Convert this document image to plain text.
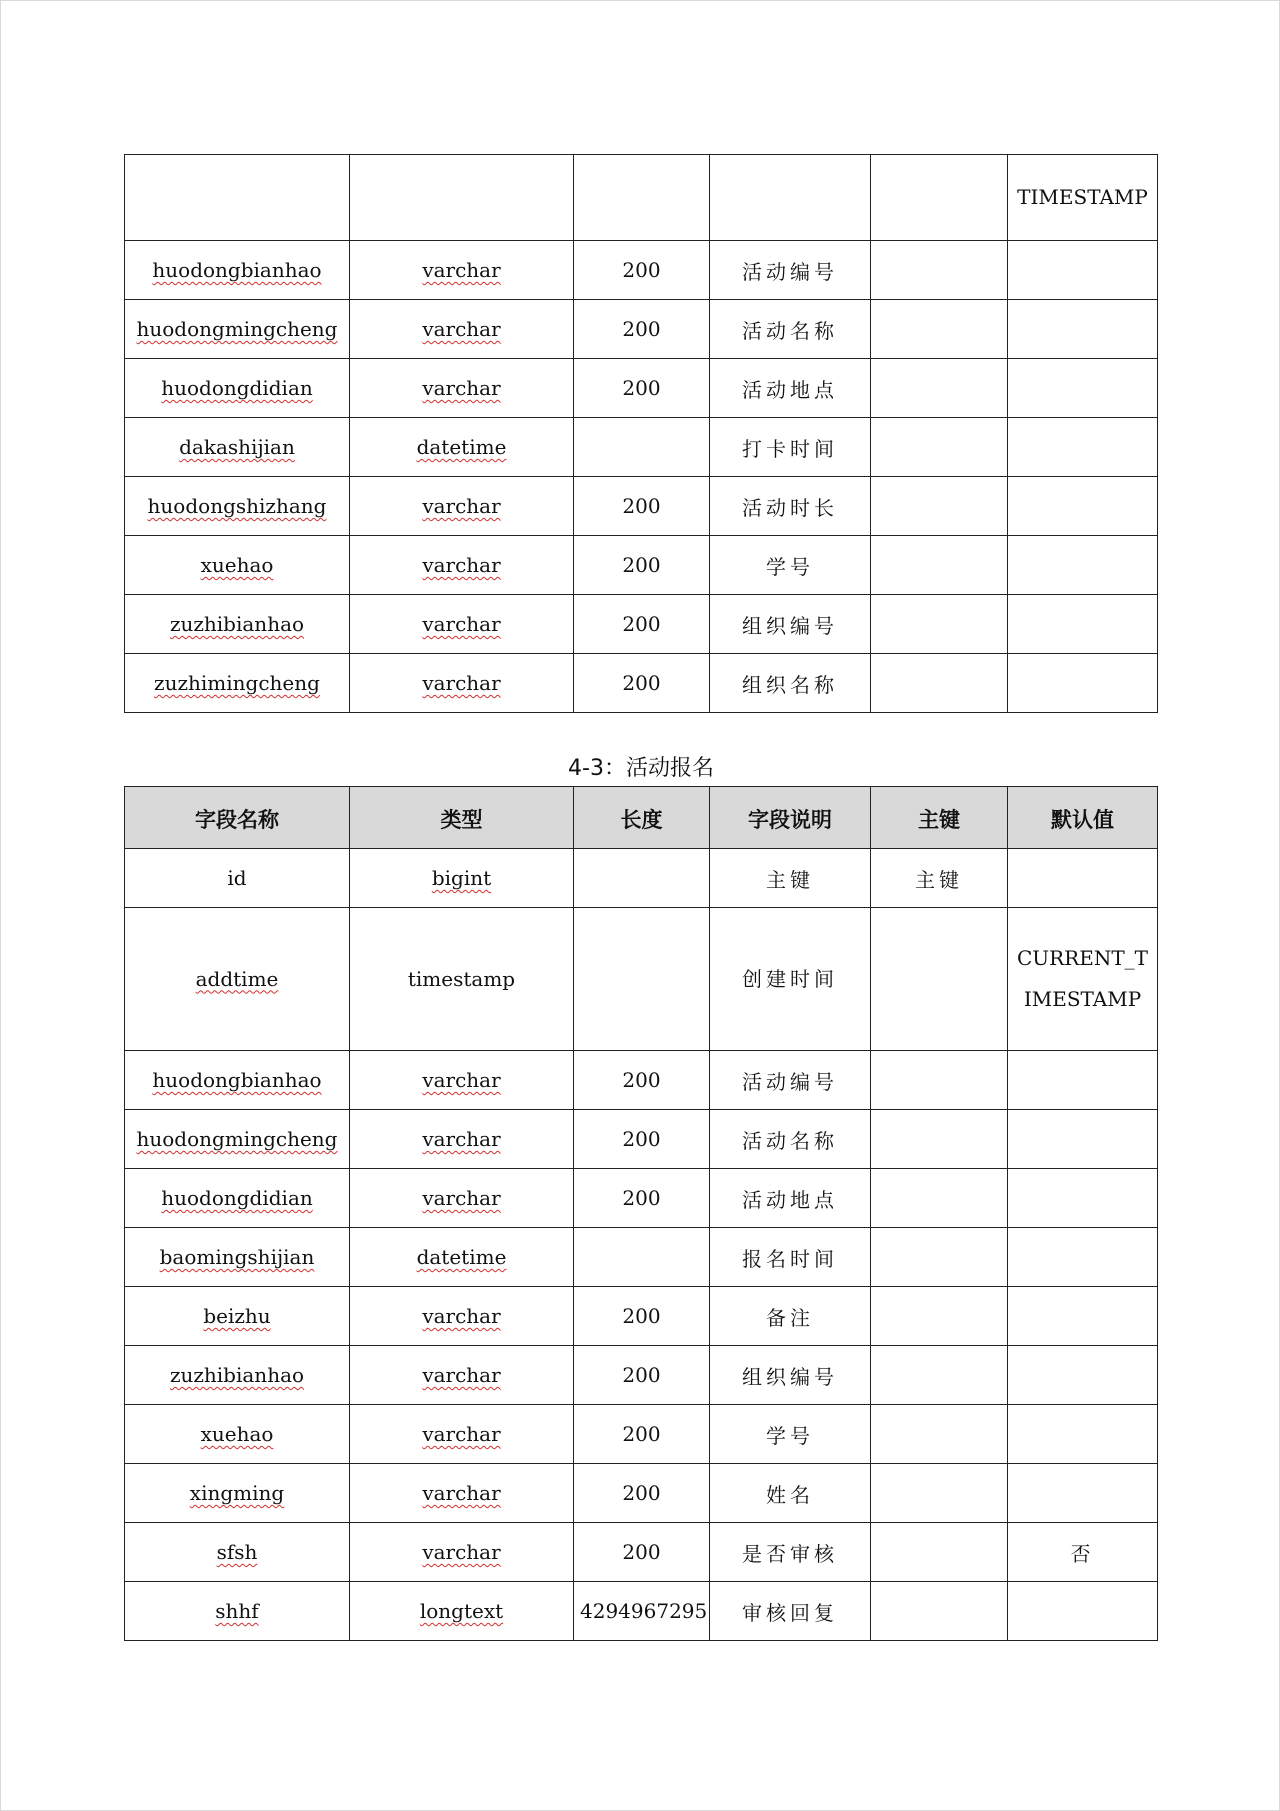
					TIMESTAMP
huodongbianhao	varchar	200	活动编号		
huodongmingcheng	varchar	200	活动名称		
huodongdidian	varchar	200	活动地点		
dakashijian	datetime		打卡时间		
huodongshizhang	varchar	200	活动时长		
xuehao	varchar	200	学号		
zuzhibianhao	varchar	200	组织编号		
zuzhimingcheng	varchar	200	组织名称		
4-3：活动报名
字段名称	类型	长度	字段说明	主键	默认值
id	bigint		主键	主键	
addtime	timestamp		创建时间		CURRENT_TIMESTAMP
huodongbianhao	varchar	200	活动编号		
huodongmingcheng	varchar	200	活动名称		
huodongdidian	varchar	200	活动地点		
baomingshijian	datetime		报名时间		
beizhu	varchar	200	备注		
zuzhibianhao	varchar	200	组织编号		
xuehao	varchar	200	学号		
xingming	varchar	200	姓名		
sfsh	varchar	200	是否审核		否
shhf	longtext	4294967295	审核回复		
